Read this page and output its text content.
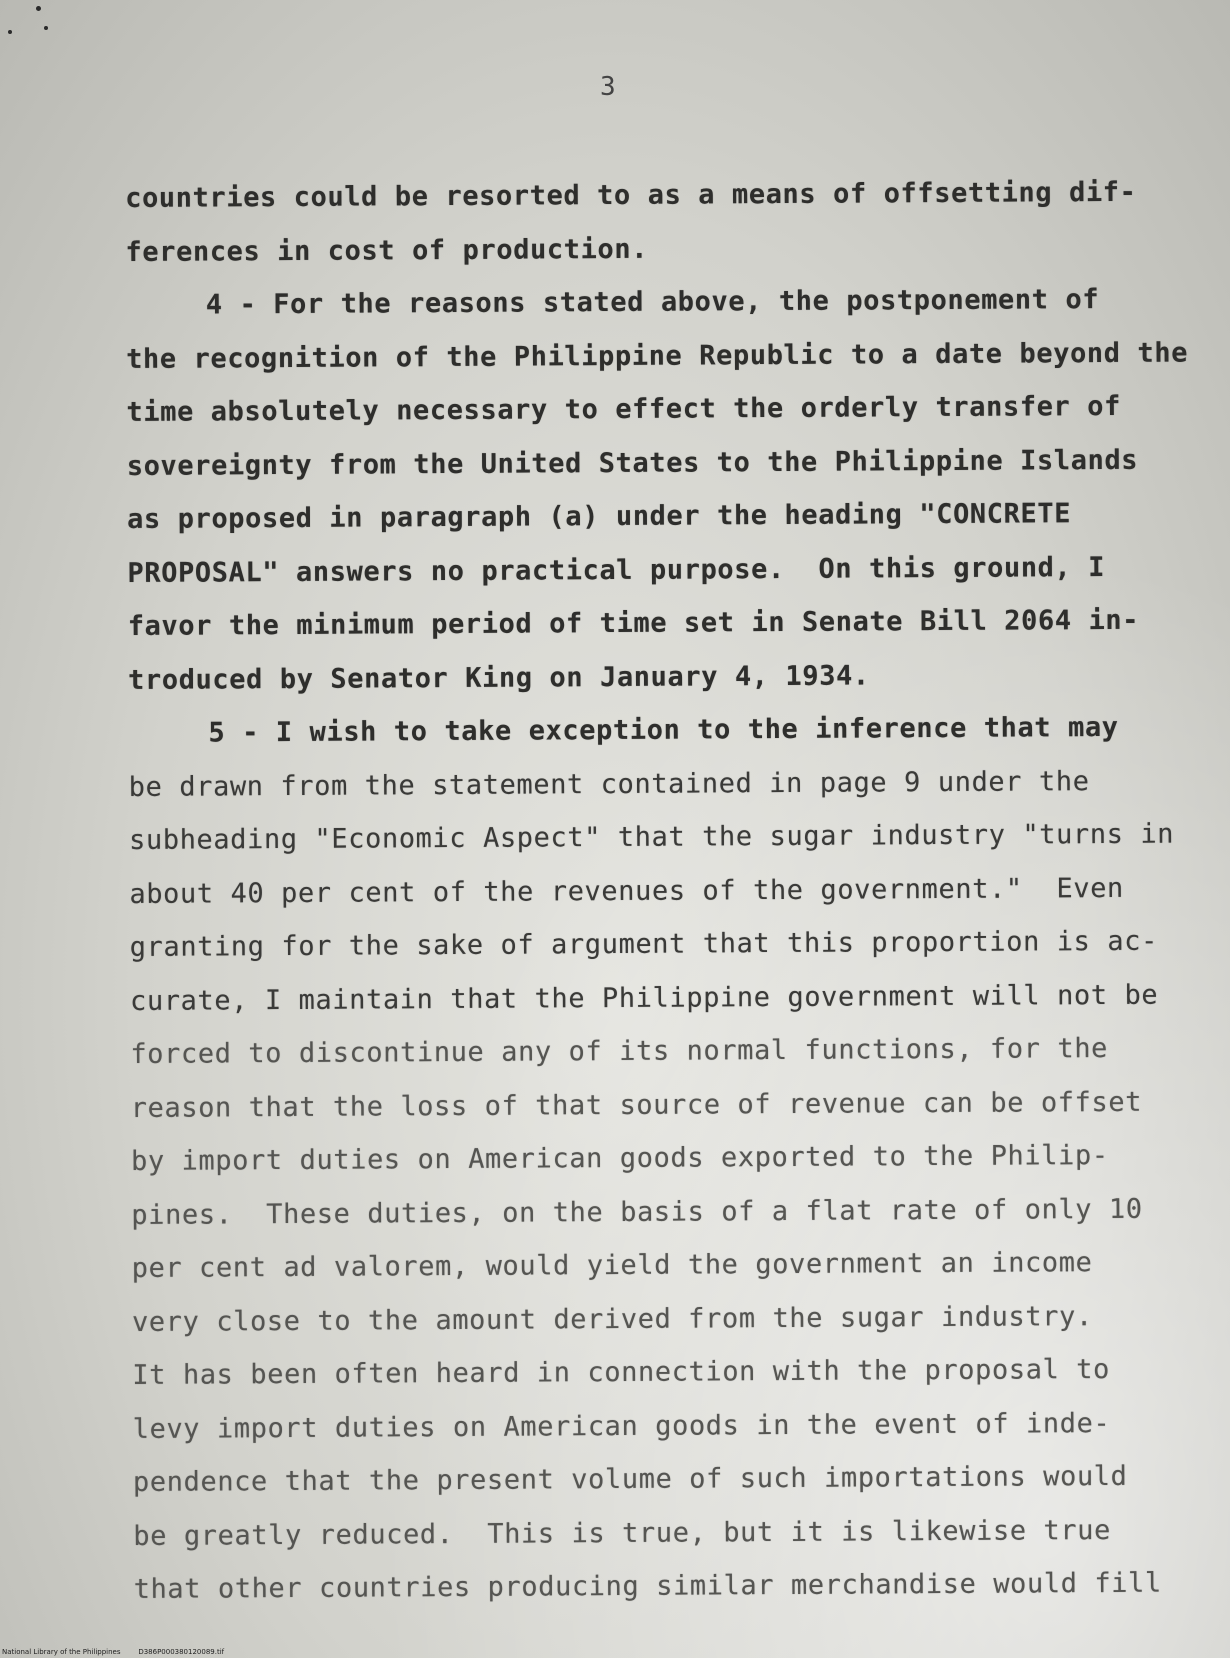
3
countries could be resorted to as a means of offsetting dif-
ferences in cost of production.
4 - For the reasons stated above, the postponement of
the recognition of the Philippine Republic to a date beyond the
time absolutely necessary to effect the orderly transfer of
sovereignty from the United States to the Philippine Islands
as proposed in paragraph (a) under the heading "CONCRETE
PROPOSAL" answers no practical purpose.  On this ground, I
favor the minimum period of time set in Senate Bill 2064 in-
troduced by Senator King on January 4, 1934.
5 - I wish to take exception to the inference that may
be drawn from the statement contained in page 9 under the
subheading "Economic Aspect" that the sugar industry "turns in
about 40 per cent of the revenues of the government."  Even
granting for the sake of argument that this proportion is ac-
curate, I maintain that the Philippine government will not be
forced to discontinue any of its normal functions, for the
reason that the loss of that source of revenue can be offset
by import duties on American goods exported to the Philip-
pines.  These duties, on the basis of a flat rate of only 10
per cent ad valorem, would yield the government an income
very close to the amount derived from the sugar industry.
It has been often heard in connection with the proposal to
levy import duties on American goods in the event of inde-
pendence that the present volume of such importations would
be greatly reduced.  This is true, but it is likewise true
that other countries producing similar merchandise would fill
National Library of the Philippines	D386P000380120089.tif
